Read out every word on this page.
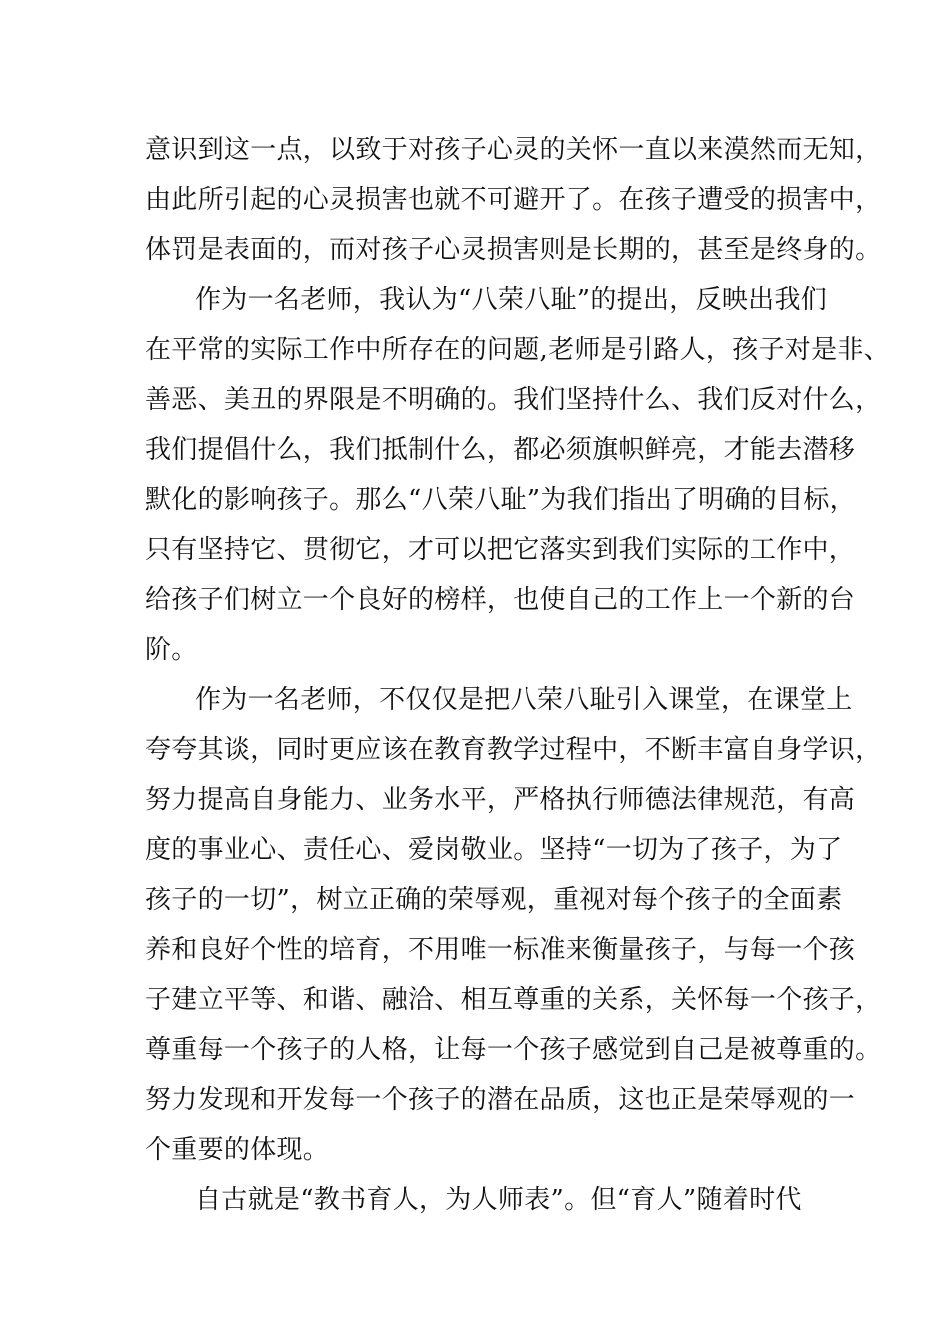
意识到这一点，以致于对孩子心灵的关怀一直以来漠然而无知，
由此所引起的心灵损害也就不可避开了。在孩子遭受的损害中，
体罚是表面的，而对孩子心灵损害则是长期的，甚至是终身的。
作为一名老师，我认为“八荣八耻”的提出，反映出我们
在平常的实际工作中所存在的问题,老师是引路人，孩子对是非、
善恶、美丑的界限是不明确的。我们坚持什么、我们反对什么，
我们提倡什么，我们抵制什么，都必须旗帜鲜亮，才能去潜移
默化的影响孩子。那么“八荣八耻”为我们指出了明确的目标，
只有坚持它、贯彻它，才可以把它落实到我们实际的工作中，
给孩子们树立一个良好的榜样，也使自己的工作上一个新的台
阶。
作为一名老师，不仅仅是把八荣八耻引入课堂，在课堂上
夸夸其谈，同时更应该在教育教学过程中，不断丰富自身学识，
努力提高自身能力、业务水平，严格执行师德法律规范，有高
度的事业心、责任心、爱岗敬业。坚持“一切为了孩子，为了
孩子的一切”，树立正确的荣辱观，重视对每个孩子的全面素
养和良好个性的培育，不用唯一标准来衡量孩子，与每一个孩
子建立平等、和谐、融洽、相互尊重的关系，关怀每一个孩子，
尊重每一个孩子的人格，让每一个孩子感觉到自己是被尊重的。
努力发现和开发每一个孩子的潜在品质，这也正是荣辱观的一
个重要的体现。
自古就是“教书育人，为人师表”。但“育人”随着时代
